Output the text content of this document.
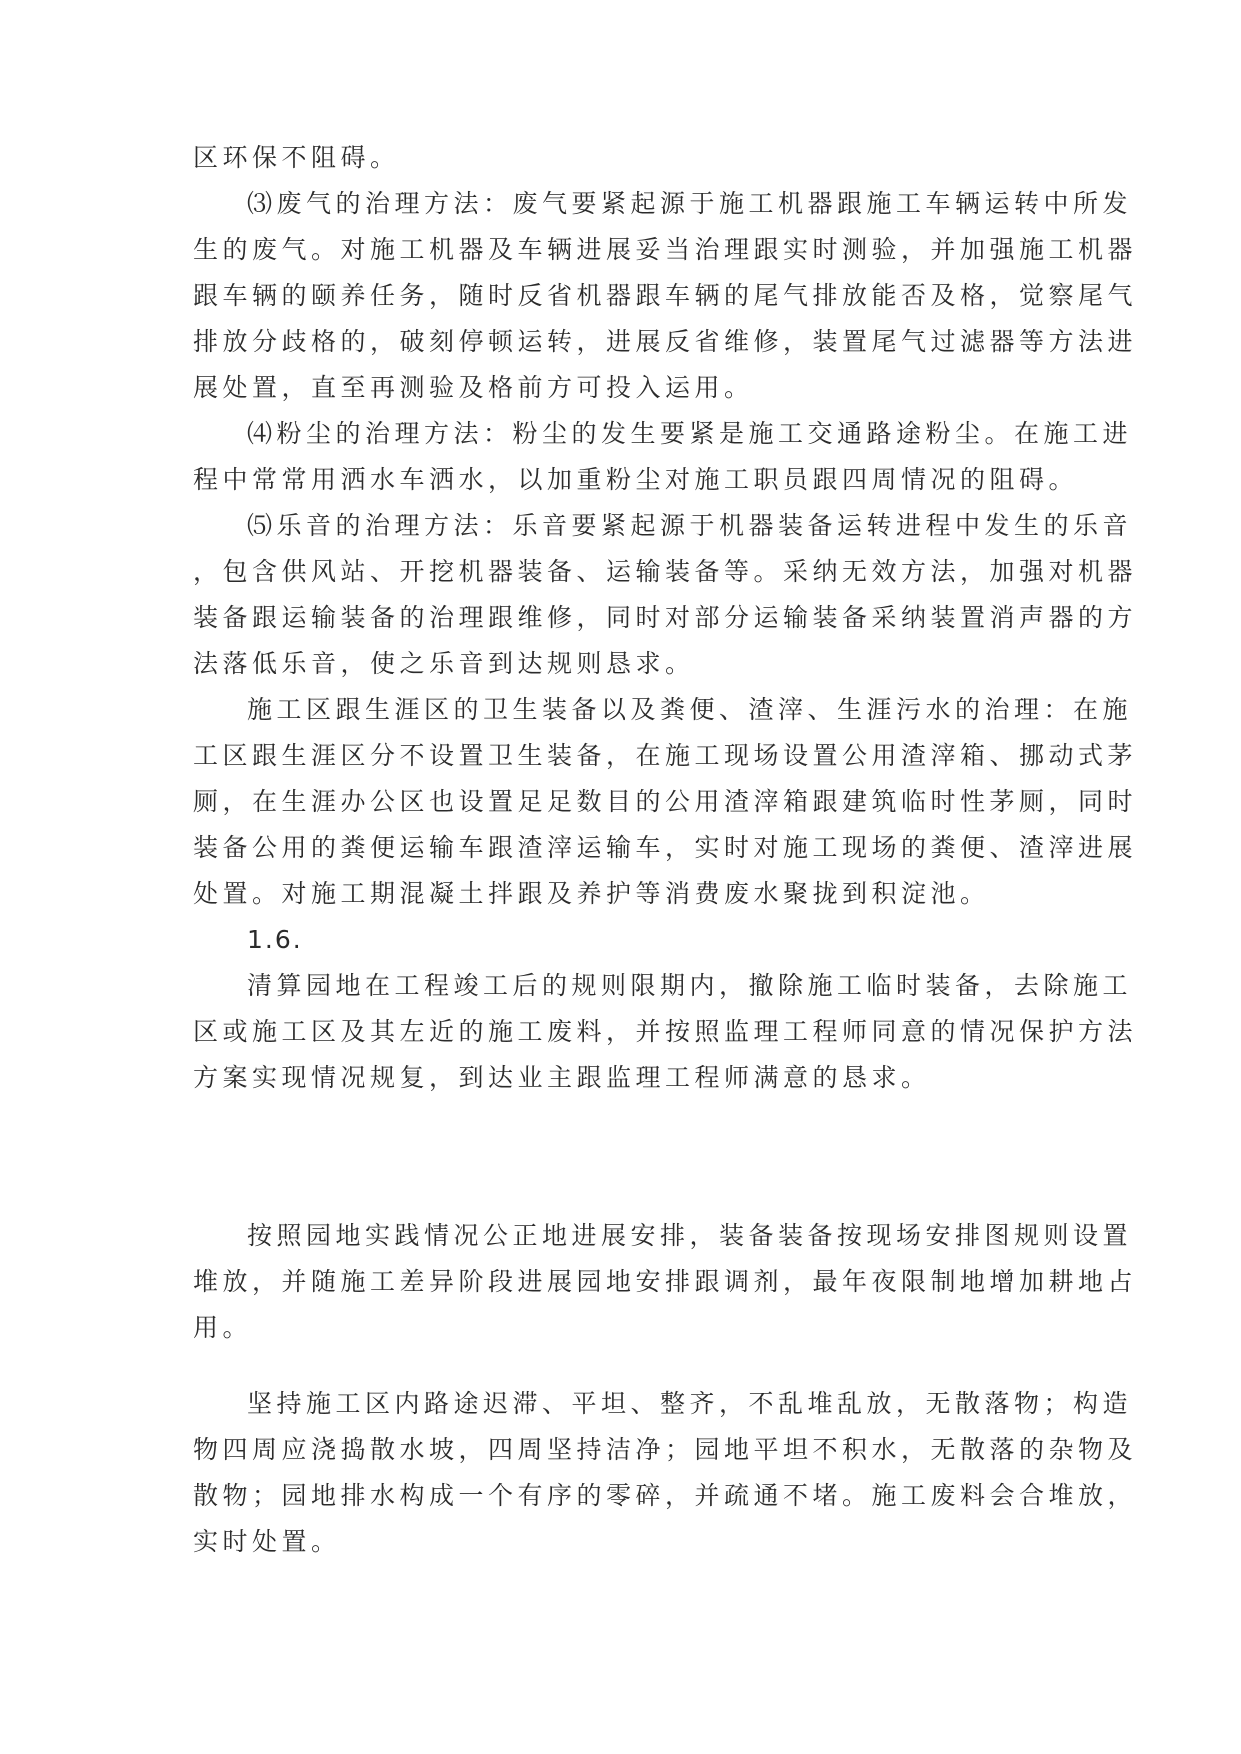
区环保不阻碍。
⑶废气的治理方法：废气要紧起源于施工机器跟施工车辆运转中所发
生的废气。对施工机器及车辆进展妥当治理跟实时测验，并加强施工机器
跟车辆的颐养任务，随时反省机器跟车辆的尾气排放能否及格，觉察尾气
排放分歧格的，破刻停顿运转，进展反省维修，装置尾气过滤器等方法进
展处置，直至再测验及格前方可投入运用。
⑷粉尘的治理方法：粉尘的发生要紧是施工交通路途粉尘。在施工进
程中常常用洒水车洒水，以加重粉尘对施工职员跟四周情况的阻碍。
⑸乐音的治理方法：乐音要紧起源于机器装备运转进程中发生的乐音
，包含供风站、开挖机器装备、运输装备等。采纳无效方法，加强对机器
装备跟运输装备的治理跟维修，同时对部分运输装备采纳装置消声器的方
法落低乐音，使之乐音到达规则恳求。
施工区跟生涯区的卫生装备以及粪便、渣滓、生涯污水的治理：在施
工区跟生涯区分不设置卫生装备，在施工现场设置公用渣滓箱、挪动式茅
厕，在生涯办公区也设置足足数目的公用渣滓箱跟建筑临时性茅厕，同时
装备公用的粪便运输车跟渣滓运输车，实时对施工现场的粪便、渣滓进展
处置。对施工期混凝土拌跟及养护等消费废水聚拢到积淀池。
1.6.
清算园地在工程竣工后的规则限期内，撤除施工临时装备，去除施工
区或施工区及其左近的施工废料，并按照监理工程师同意的情况保护方法
方案实现情况规复，到达业主跟监理工程师满意的恳求。
按照园地实践情况公正地进展安排，装备装备按现场安排图规则设置
堆放，并随施工差异阶段进展园地安排跟调剂，最年夜限制地增加耕地占
用。
坚持施工区内路途迟滞、平坦、整齐，不乱堆乱放，无散落物；构造
物四周应浇捣散水坡，四周坚持洁净；园地平坦不积水，无散落的杂物及
散物；园地排水构成一个有序的零碎，并疏通不堵。施工废料会合堆放，
实时处置。
